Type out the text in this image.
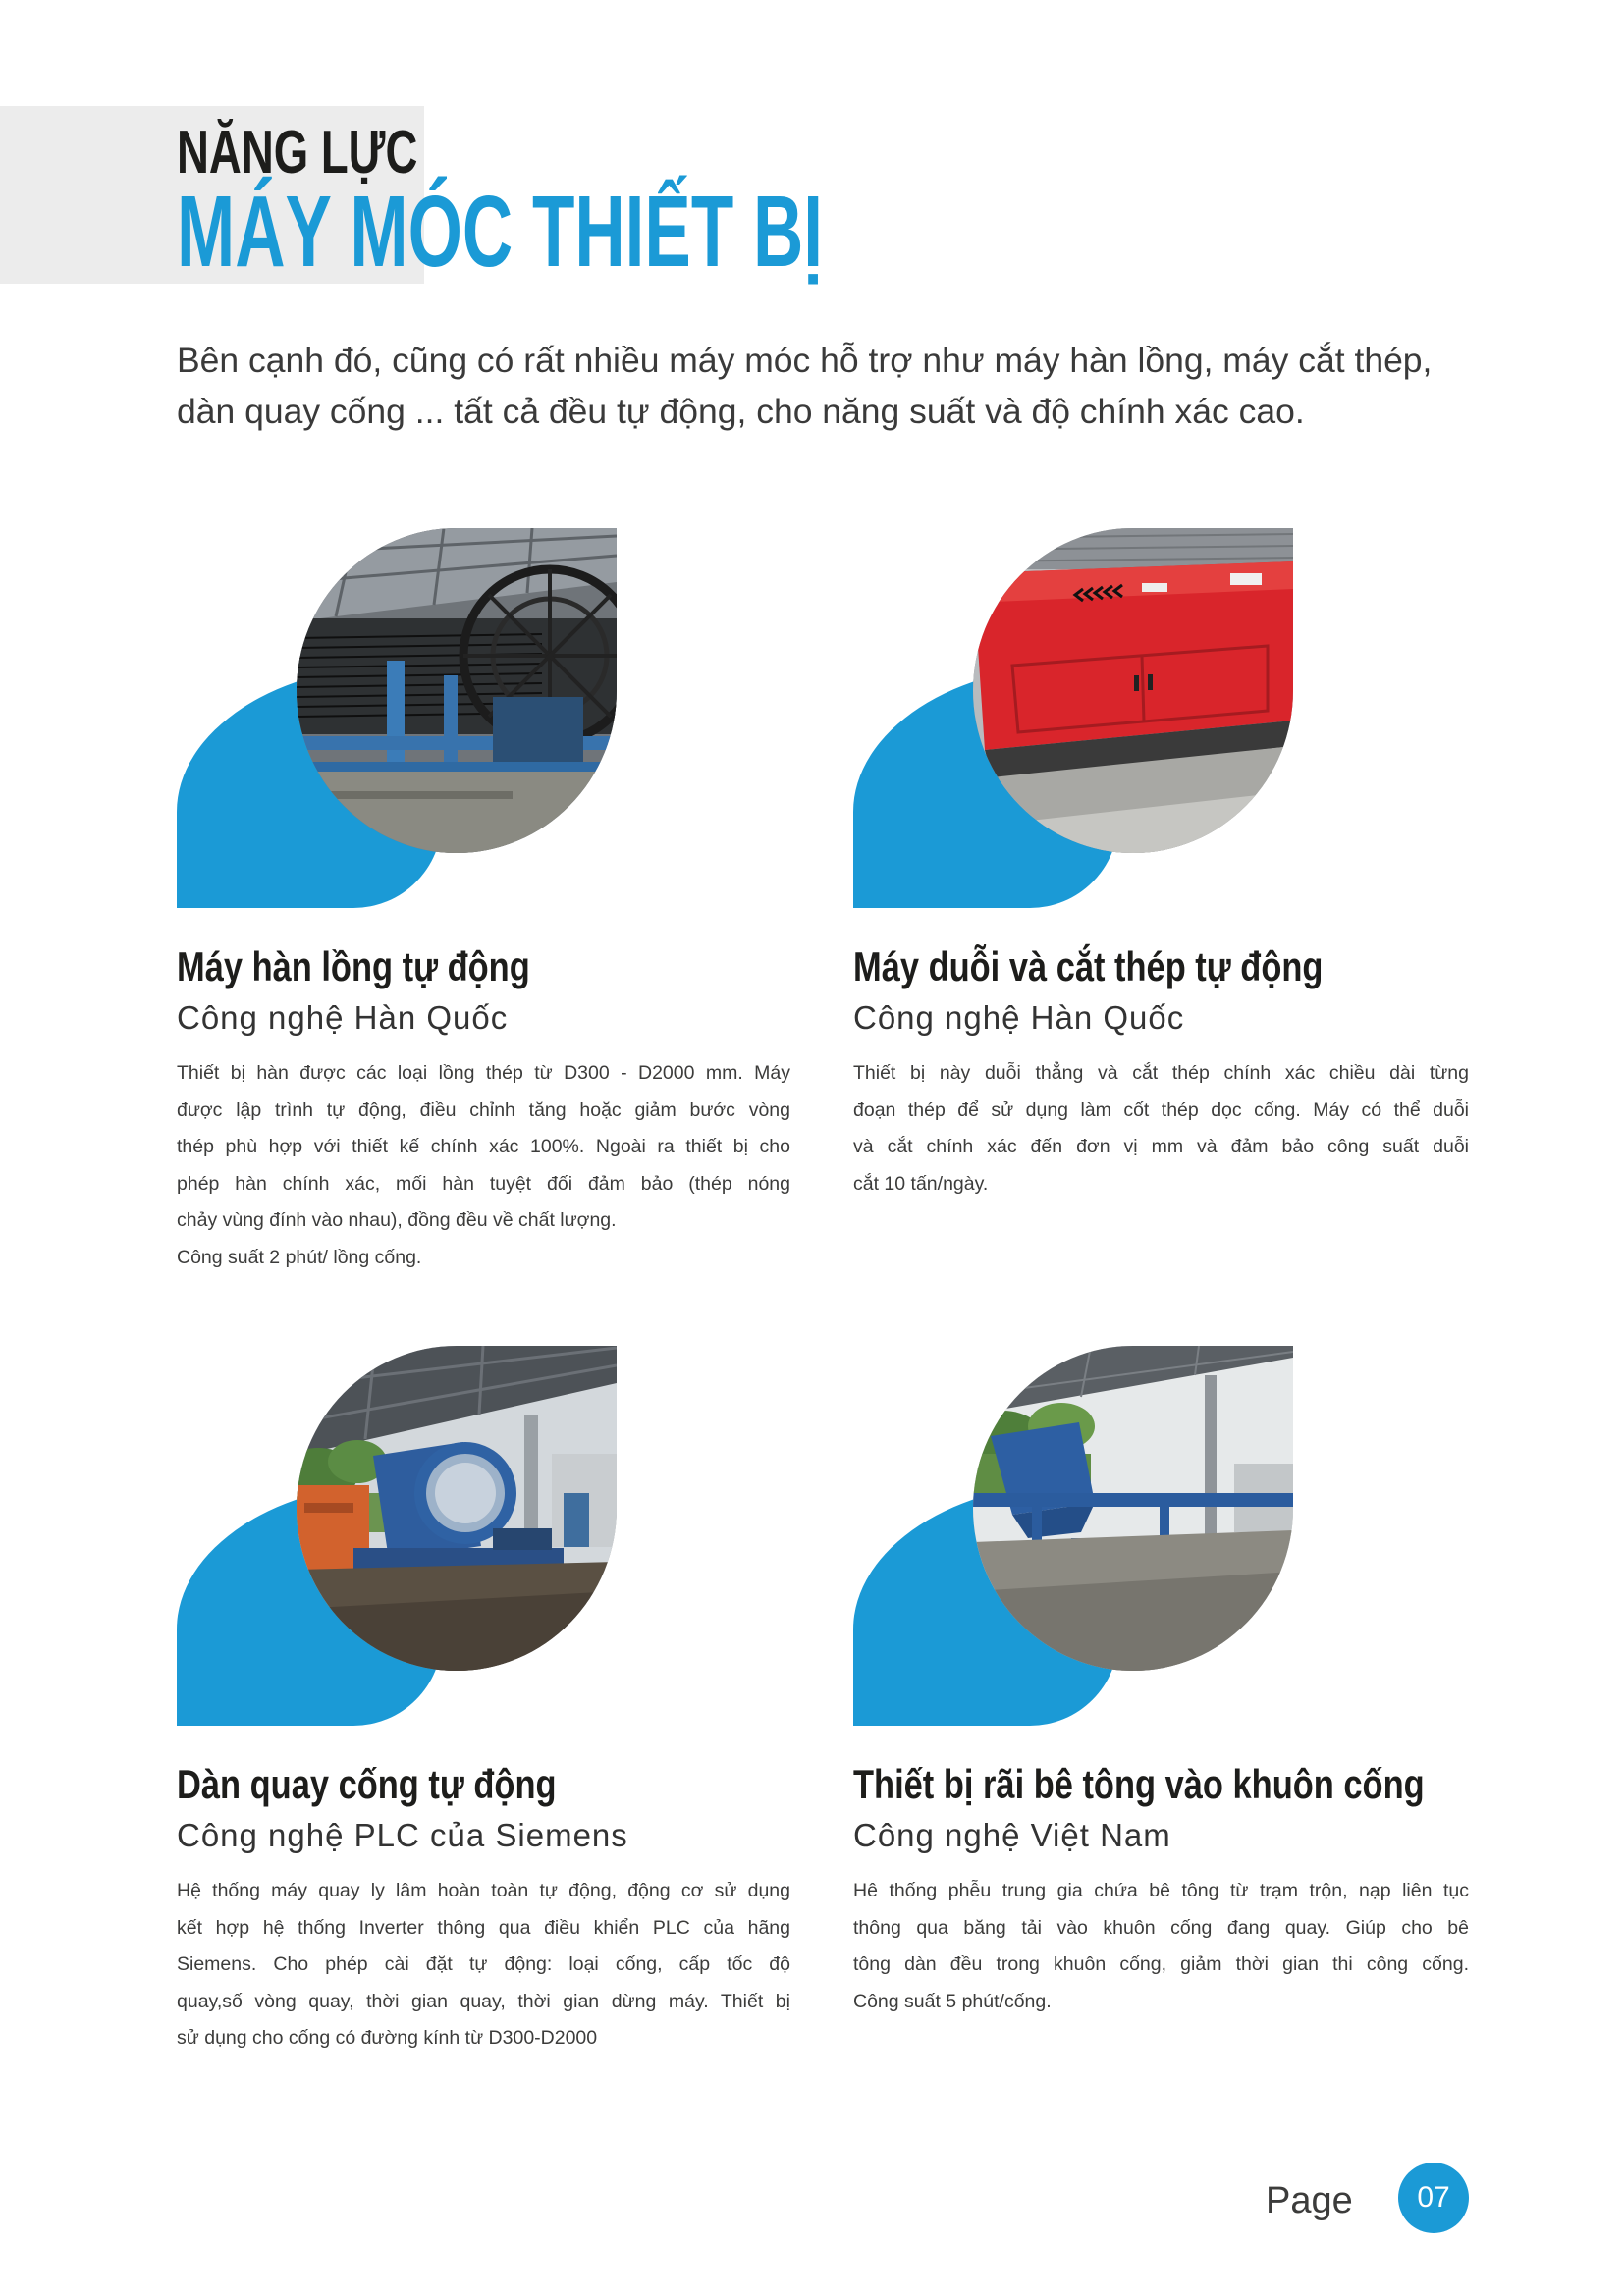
NĂNG LỰC
MÁY MÓC THIẾT BỊ
Bên cạnh đó, cũng có rất nhiều máy móc hỗ trợ như máy hàn lồng, máy cắt thép,
dàn quay cống ... tất cả đều tự động, cho năng suất và độ chính xác cao.
Máy hàn lồng tự động
Công nghệ Hàn Quốc
Thiết bị hàn được các loại lồng thép từ D300 - D2000 mm. Máy
được lập trình tự động, điều chỉnh tăng hoặc giảm bước vòng
thép phù hợp với thiết kế chính xác 100%. Ngoài ra thiết bị cho
phép hàn chính xác, mối hàn tuyệt đối đảm bảo (thép nóng
chảy vùng đính vào nhau), đồng đều về chất lượng.
Công suất 2 phút/ lồng cống.
Máy duỗi và cắt thép tự động
Công nghệ Hàn Quốc
Thiết bị này duỗi thẳng và cắt thép chính xác chiều dài từng
đoạn thép để sử dụng làm cốt thép dọc cống. Máy có thể duỗi
và cắt chính xác đến đơn vị mm và đảm bảo công suất duỗi
cắt 10 tấn/ngày.
Dàn quay cống tự động
Công nghệ PLC của Siemens
Hệ thống máy quay ly lâm hoàn toàn tự động, động cơ sử dụng
kết hợp hệ thống Inverter thông qua điều khiển PLC của hãng
Siemens. Cho phép cài đặt tự động: loại cống, cấp tốc độ
quay,số vòng quay, thời gian quay, thời gian dừng máy. Thiết bị
sử dụng cho cống có đường kính từ D300-D2000
Thiết bị rãi bê tông vào khuôn cống
Công nghệ Việt Nam
Hê thống phễu trung gia chứa bê tông từ trạm trộn, nạp liên tục
thông qua băng tải vào khuôn cống đang quay. Giúp cho bê
tông dàn đều trong khuôn cống, giảm thời gian thi công cống.
Công suất 5 phút/cống.
Page 07
